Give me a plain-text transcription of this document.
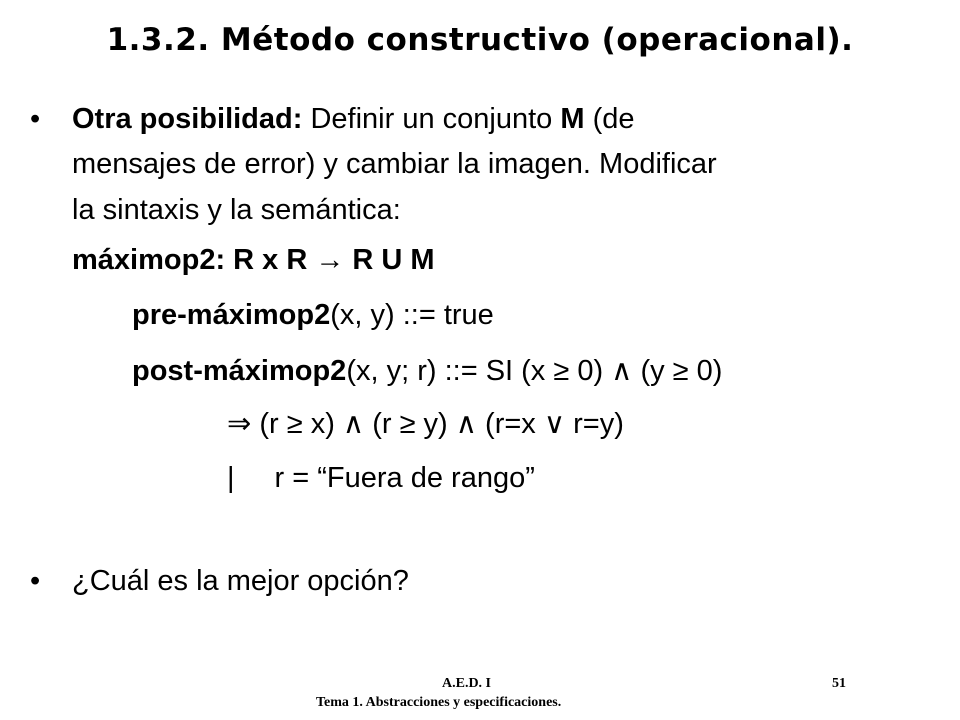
1.3.2. Método constructivo (operacional).
• Otra posibilidad: Definir un conjunto M (de
mensajes de error) y cambiar la imagen. Modificar
la sintaxis y la semántica:
máximop2: R x R → R U M
pre-máximop2(x, y) ::= true
post-máximop2(x, y; r) ::= SI (x ≥ 0) ∧ (y ≥ 0)
⇒ (r ≥ x) ∧ (r ≥ y) ∧ (r=x ∨ r=y)
| r = “Fuera de rango”
• ¿Cuál es la mejor opción?
A.E.D. I	51
Tema 1. Abstracciones y especificaciones.
